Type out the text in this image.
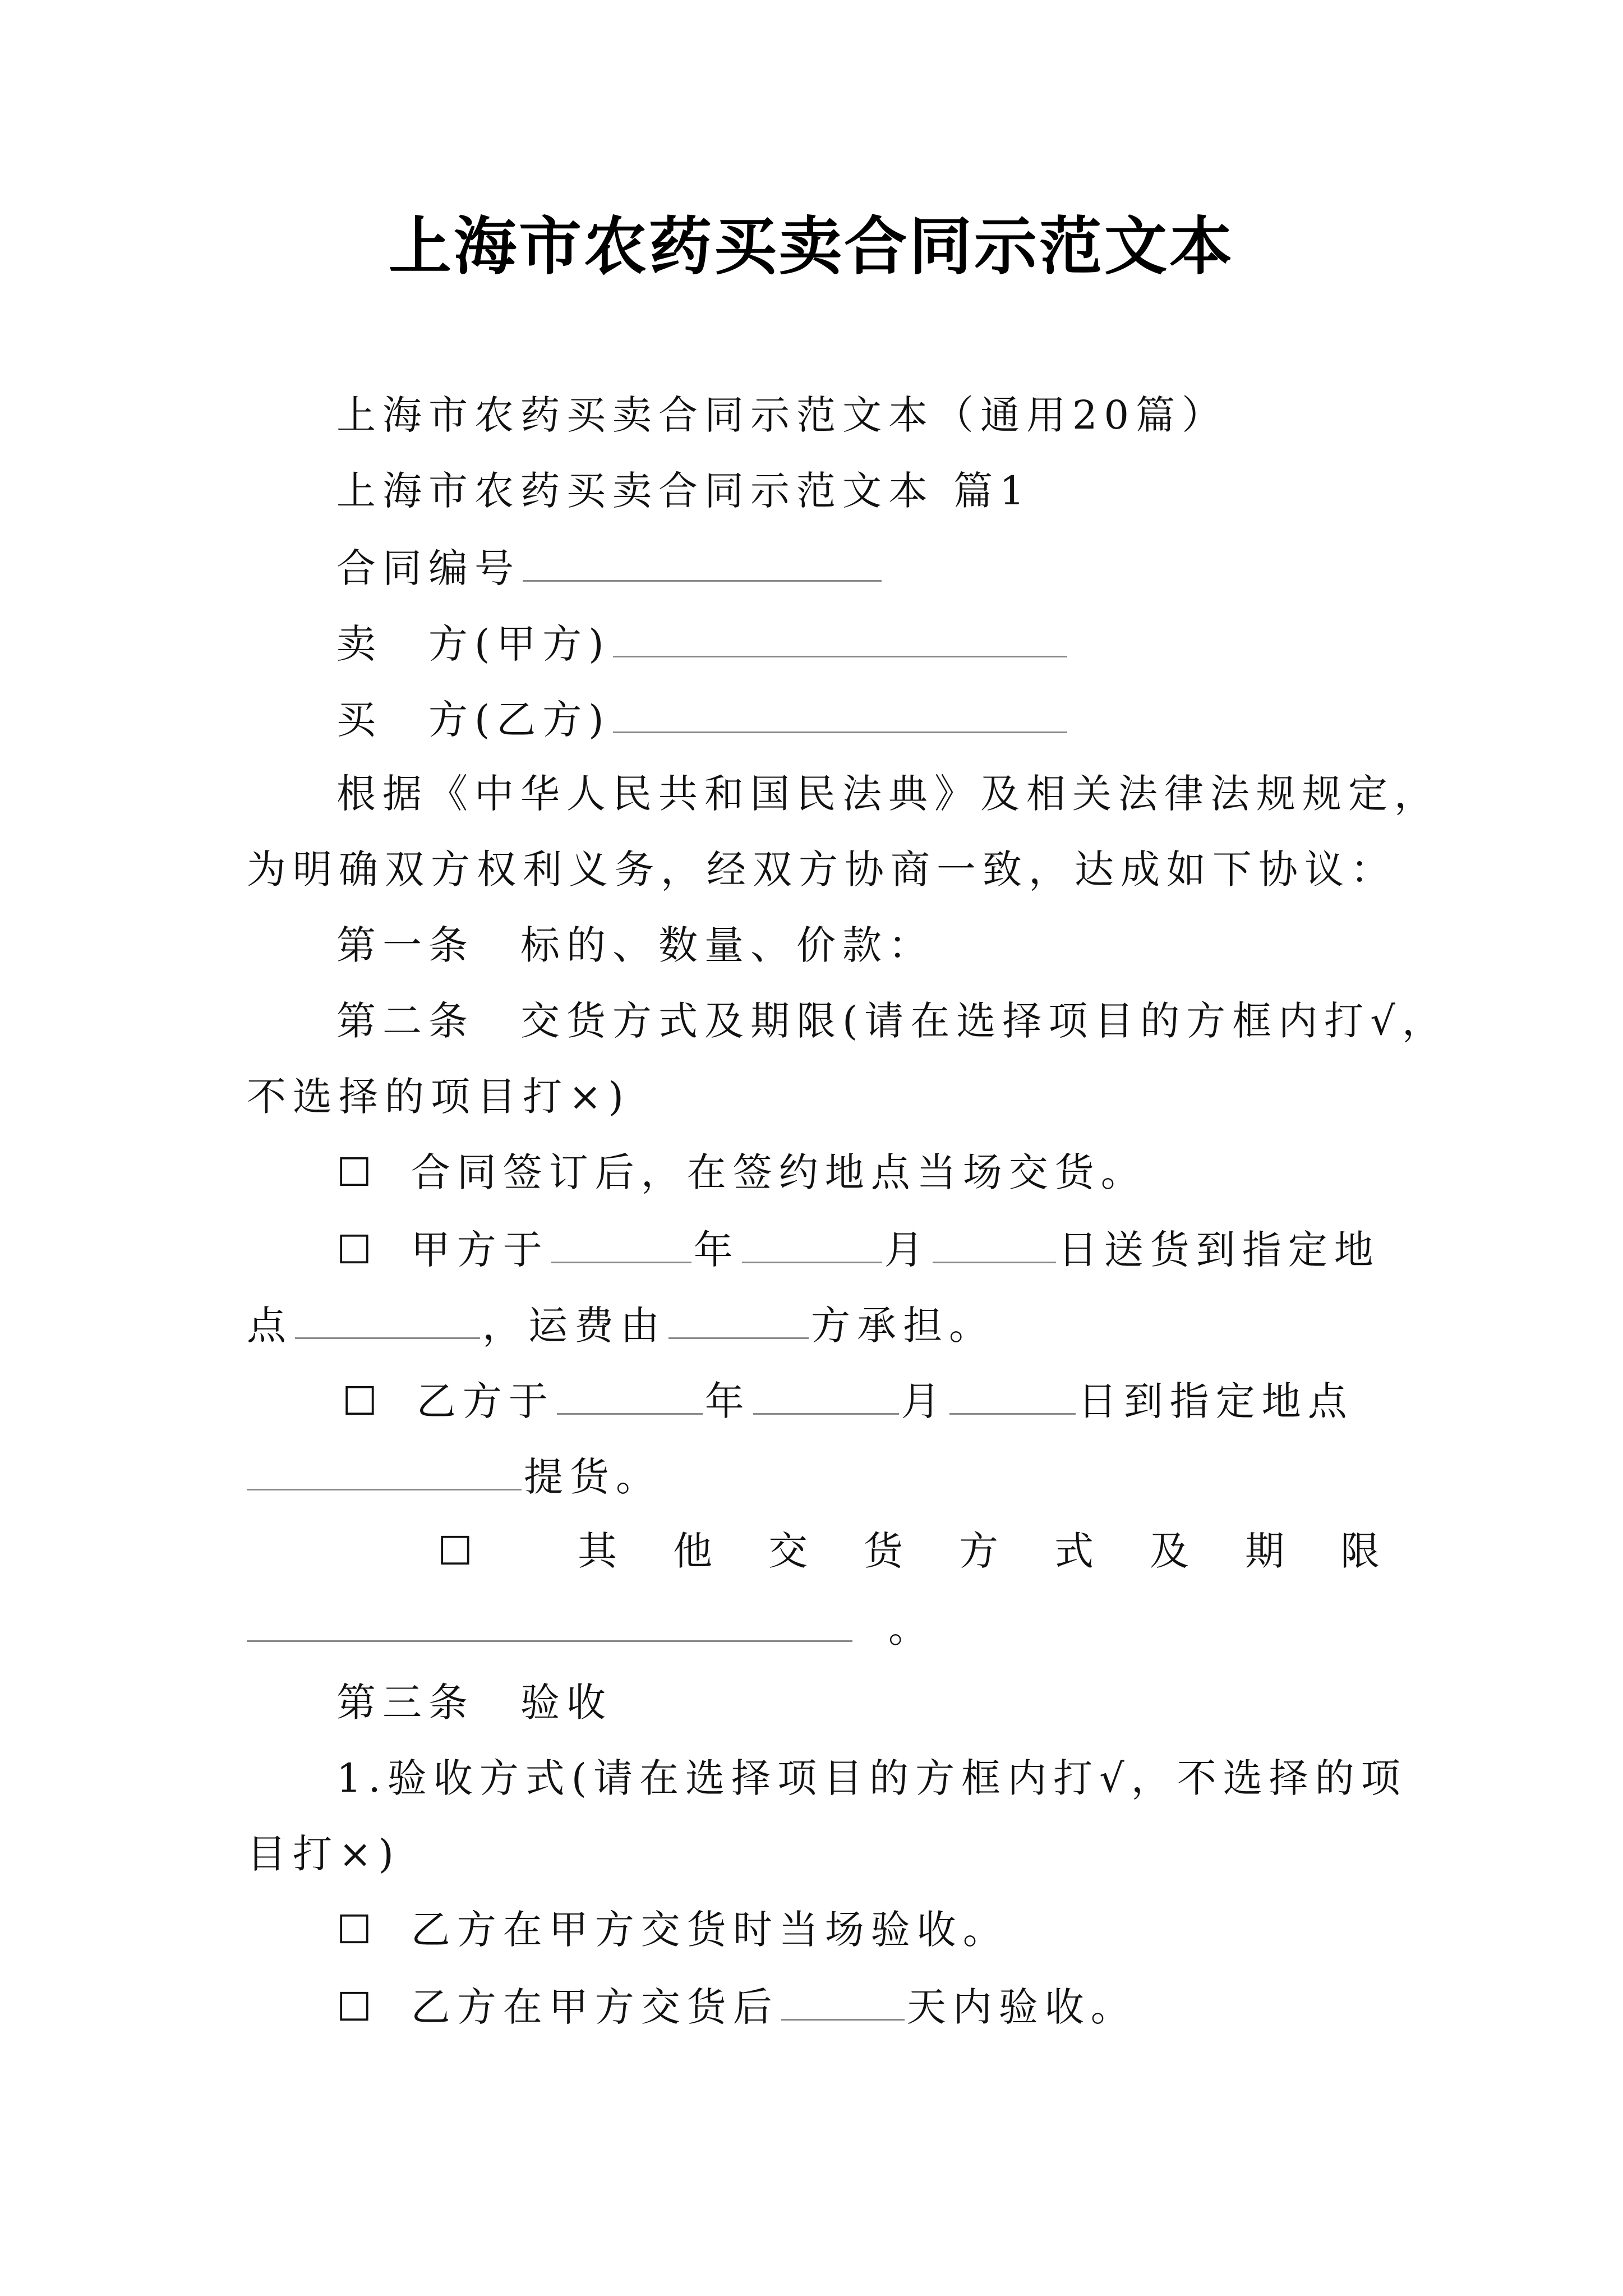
上海市农药买卖合同示范文本
上海市农药买卖合同示范文本（通用20篇）
上海市农药买卖合同示范文本 篇1
合同编号
卖　方(甲方)
买　方(乙方)
根据《中华人民共和国民法典》及相关法律法规规定，
为明确双方权利义务，经双方协商一致，达成如下协议：
第一条　标的、数量、价款：
第二条　交货方式及期限(请在选择项目的方框内打√，
不选择的项目打×)
☐ 合同签订后，在签约地点当场交货。
☐ 甲方于	年	月	日送货到指定地
点	，运费由	方承担。
☐ 乙方于	年	月	日到指定地点
提货。
☐	其 他 交 货 方 式 及 期 限
。
第三条　验收
1.验收方式(请在选择项目的方框内打√，不选择的项
目打×)
☐ 乙方在甲方交货时当场验收。
☐ 乙方在甲方交货后	天内验收。
